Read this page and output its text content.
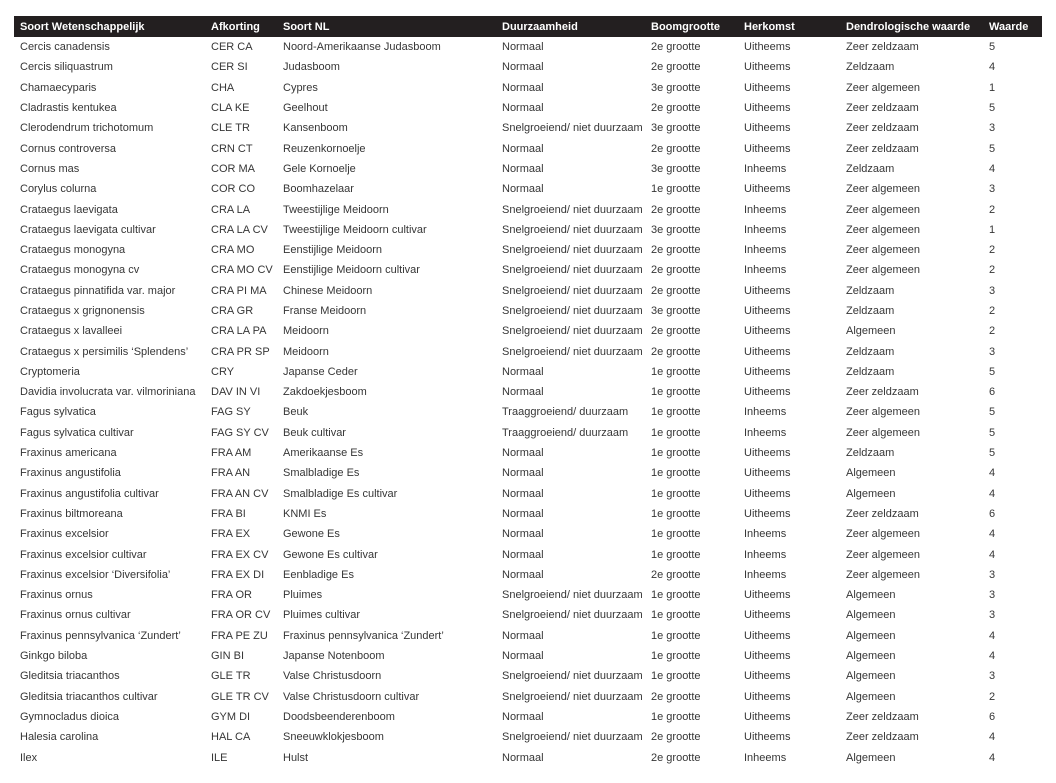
Soort Wetenschappelijk	Afkorting	Soort NL	Duurzaamheid	Boomgrootte	Herkomst	Dendrologische waarde	Waarde
Cercis canadensis	CER CA	Noord-Amerikaanse Judasboom	Normaal	2e grootte	Uitheems	Zeer zeldzaam	5
Cercis siliquastrum	CER SI	Judasboom	Normaal	2e grootte	Uitheems	Zeldzaam	4
Chamaecyparis	CHA	Cypres	Normaal	3e grootte	Uitheems	Zeer algemeen	1
Cladrastis kentukea	CLA KE	Geelhout	Normaal	2e grootte	Uitheems	Zeer zeldzaam	5
Clerodendrum trichotomum	CLE TR	Kansenboom	Snelgroeiend/ niet duurzaam	3e grootte	Uitheems	Zeer zeldzaam	3
Cornus controversa	CRN CT	Reuzenkornoelje	Normaal	2e grootte	Uitheems	Zeer zeldzaam	5
Cornus mas	COR MA	Gele Kornoelje	Normaal	3e grootte	Inheems	Zeldzaam	4
Corylus colurna	COR CO	Boomhazelaar	Normaal	1e grootte	Uitheems	Zeer algemeen	3
Crataegus laevigata	CRA LA	Tweestijlige Meidoorn	Snelgroeiend/ niet duurzaam	2e grootte	Inheems	Zeer algemeen	2
Crataegus laevigata cultivar	CRA LA CV	Tweestijlige Meidoorn cultivar	Snelgroeiend/ niet duurzaam	3e grootte	Inheems	Zeer algemeen	1
Crataegus monogyna	CRA MO	Eenstijlige Meidoorn	Snelgroeiend/ niet duurzaam	2e grootte	Inheems	Zeer algemeen	2
Crataegus monogyna cv	CRA MO CV	Eenstijlige Meidoorn cultivar	Snelgroeiend/ niet duurzaam	2e grootte	Inheems	Zeer algemeen	2
Crataegus pinnatifida var. major	CRA PI MA	Chinese Meidoorn	Snelgroeiend/ niet duurzaam	2e grootte	Uitheems	Zeldzaam	3
Crataegus x grignonensis	CRA GR	Franse Meidoorn	Snelgroeiend/ niet duurzaam	3e grootte	Uitheems	Zeldzaam	2
Crataegus x lavalleei	CRA LA PA	Meidoorn	Snelgroeiend/ niet duurzaam	2e grootte	Uitheems	Algemeen	2
Crataegus x persimilis ‘Splendens’	CRA PR SP	Meidoorn	Snelgroeiend/ niet duurzaam	2e grootte	Uitheems	Zeldzaam	3
Cryptomeria	CRY	Japanse Ceder	Normaal	1e grootte	Uitheems	Zeldzaam	5
Davidia involucrata var. vilmoriniana	DAV IN VI	Zakdoekjesboom	Normaal	1e grootte	Uitheems	Zeer zeldzaam	6
Fagus sylvatica	FAG SY	Beuk	Traaggroeiend/ duurzaam	1e grootte	Inheems	Zeer algemeen	5
Fagus sylvatica cultivar	FAG SY CV	Beuk cultivar	Traaggroeiend/ duurzaam	1e grootte	Inheems	Zeer algemeen	5
Fraxinus americana	FRA AM	Amerikaanse Es	Normaal	1e grootte	Uitheems	Zeldzaam	5
Fraxinus angustifolia	FRA AN	Smalbladige Es	Normaal	1e grootte	Uitheems	Algemeen	4
Fraxinus angustifolia cultivar	FRA AN CV	Smalbladige Es cultivar	Normaal	1e grootte	Uitheems	Algemeen	4
Fraxinus biltmoreana	FRA BI	KNMI Es	Normaal	1e grootte	Uitheems	Zeer zeldzaam	6
Fraxinus excelsior	FRA EX	Gewone Es	Normaal	1e grootte	Inheems	Zeer algemeen	4
Fraxinus excelsior cultivar	FRA EX CV	Gewone Es cultivar	Normaal	1e grootte	Inheems	Zeer algemeen	4
Fraxinus excelsior ‘Diversifolia’	FRA EX DI	Eenbladige Es	Normaal	2e grootte	Inheems	Zeer algemeen	3
Fraxinus ornus	FRA OR	Pluimes	Snelgroeiend/ niet duurzaam	1e grootte	Uitheems	Algemeen	3
Fraxinus ornus cultivar	FRA OR CV	Pluimes cultivar	Snelgroeiend/ niet duurzaam	1e grootte	Uitheems	Algemeen	3
Fraxinus pennsylvanica ‘Zundert’	FRA PE ZU	Fraxinus pennsylvanica ‘Zundert’	Normaal	1e grootte	Uitheems	Algemeen	4
Ginkgo biloba	GIN BI	Japanse Notenboom	Normaal	1e grootte	Uitheems	Algemeen	4
Gleditsia triacanthos	GLE TR	Valse Christusdoorn	Snelgroeiend/ niet duurzaam	1e grootte	Uitheems	Algemeen	3
Gleditsia triacanthos cultivar	GLE TR CV	Valse Christusdoorn cultivar	Snelgroeiend/ niet duurzaam	2e grootte	Uitheems	Algemeen	2
Gymnocladus dioica	GYM DI	Doodsbeenderenboom	Normaal	1e grootte	Uitheems	Zeer zeldzaam	6
Halesia carolina	HAL CA	Sneeuwklokjesboom	Snelgroeiend/ niet duurzaam	2e grootte	Uitheems	Zeer zeldzaam	4
Ilex	ILE	Hulst	Normaal	2e grootte	Inheems	Algemeen	4
